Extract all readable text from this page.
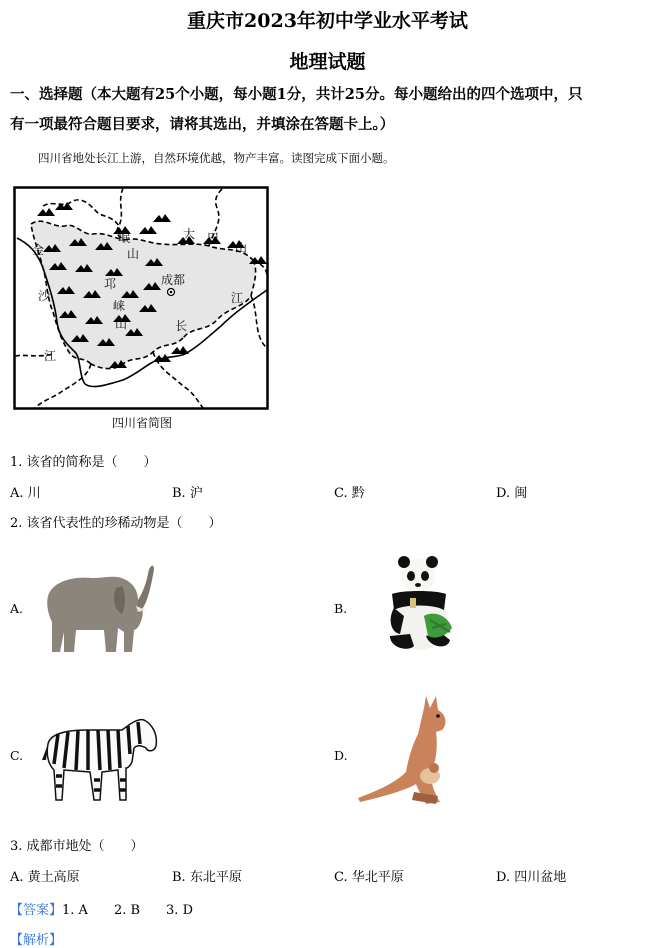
重庆市2023年初中学业水平考试
地理试题
一、选择题（本大题有25个小题，每小题1分，共计25分。每小题给出的四个选项中，只
有一项最符合题目要求，请将其选出，并填涂在答题卡上。）
四川省地处长江上游，自然环境优越，物产丰富。读图完成下面小题。
金
沙
江
岷
山
邛
崃
山
大 巴
山
成都
江
长
四川省简图
1. 该省的简称是（　　）
A. 川	B. 沪	C. 黔	D. 闽
2. 该省代表性的珍稀动物是（　　）
A.	B.
C.	D.
3. 成都市地处（　　）
A. 黄土高原	B. 东北平原	C. 华北平原	D. 四川盆地
【答案】1. A　　2. B　　3. D
【解析】
